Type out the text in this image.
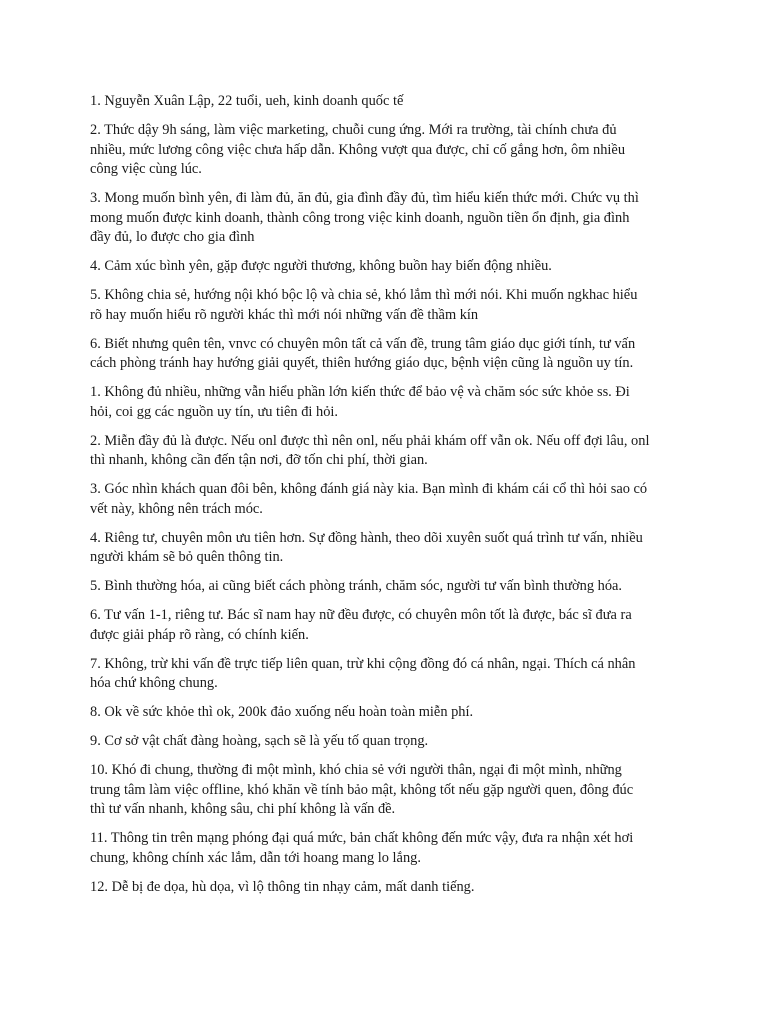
1. Nguyễn Xuân Lập, 22 tuổi, ueh, kinh doanh quốc tế

2. Thức dậy 9h sáng, làm việc marketing, chuỗi cung ứng. Mới ra trường, tài chính chưa đủ
nhiều, mức lương công việc chưa hấp dẫn. Không vượt qua được, chỉ cố gắng hơn, ôm nhiều
công việc cùng lúc.

3. Mong muốn bình yên, đi làm đủ, ăn đủ, gia đình đầy đủ, tìm hiểu kiến thức mới. Chức vụ thì
mong muốn được kinh doanh, thành công trong việc kinh doanh, nguồn tiền ổn định, gia đình
đầy đủ, lo được cho gia đình

4. Cảm xúc bình yên, gặp được người thương, không buồn hay biến động nhiều.

5. Không chia sẻ, hướng nội khó bộc lộ và chia sẻ, khó lắm thì mới nói. Khi muốn ngkhac hiểu
rõ hay muốn hiểu rõ người khác thì mới nói những vấn đề thầm kín

6. Biết nhưng quên tên, vnvc có chuyên môn tất cả vấn đề, trung tâm giáo dục giới tính, tư vấn
cách phòng tránh hay hướng giải quyết, thiên hướng giáo dục, bệnh viện cũng là nguồn uy tín.

1. Không đủ nhiều, những vẫn hiểu phần lớn kiến thức để bảo vệ và chăm sóc sức khỏe ss. Đi
hỏi, coi gg các nguồn uy tín, ưu tiên đi hỏi.

2. Miễn đầy đủ là được. Nếu onl được thì nên onl, nếu phải khám off vẫn ok. Nếu off đợi lâu, onl
thì nhanh, không cần đến tận nơi, đỡ tốn chi phí, thời gian.

3. Góc nhìn khách quan đôi bên, không đánh giá này kia. Bạn mình đi khám cái cổ thì hỏi sao có
vết này, không nên trách móc.

4. Riêng tư, chuyên môn ưu tiên hơn. Sự đồng hành, theo dõi xuyên suốt quá trình tư vấn, nhiều
người khám sẽ bỏ quên thông tin.

5. Bình thường hóa, ai cũng biết cách phòng tránh, chăm sóc, người tư vấn bình thường hóa.

6. Tư vấn 1-1, riêng tư. Bác sĩ nam hay nữ đều được, có chuyên môn tốt là được, bác sĩ đưa ra
được giải pháp rõ ràng, có chính kiến.

7. Không, trừ khi vấn đề trực tiếp liên quan, trừ khi cộng đồng đó cá nhân, ngại. Thích cá nhân
hóa chứ không chung.

8. Ok về sức khỏe thì ok, 200k đảo xuống nếu hoàn toàn miễn phí.

9. Cơ sở vật chất đàng hoàng, sạch sẽ là yếu tố quan trọng.

10. Khó đi chung, thường đi một mình, khó chia sẻ với người thân, ngại đi một mình, những
trung tâm làm việc offline, khó khăn về tính bảo mật, không tốt nếu gặp người quen, đông đúc
thì tư vấn nhanh, không sâu, chi phí không là vấn đề.

11. Thông tin trên mạng phóng đại quá mức, bản chất không đến mức vậy, đưa ra nhận xét hơi
chung, không chính xác lắm, dẫn tới hoang mang lo lắng.

12. Dễ bị đe dọa, hù dọa, vì lộ thông tin nhạy cảm, mất danh tiếng.
